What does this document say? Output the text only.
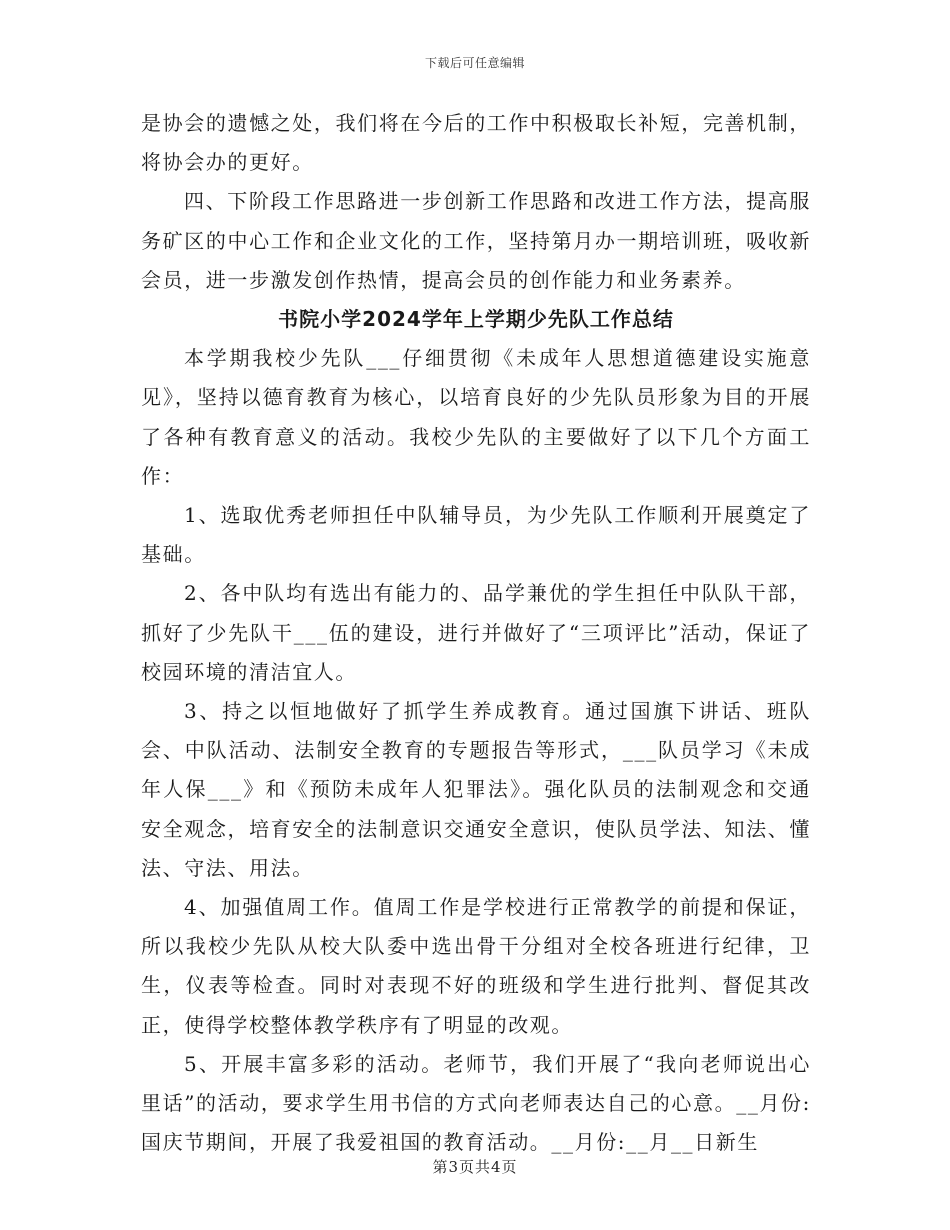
下载后可任意编辑

是协会的遗憾之处，我们将在今后的工作中积极取长补短，完善机制，将协会办的更好。

四、下阶段工作思路进一步创新工作思路和改进工作方法，提高服务矿区的中心工作和企业文化的工作，坚持第月办一期培训班，吸收新会员，进一步激发创作热情，提高会员的创作能力和业务素养。

书院小学2024学年上学期少先队工作总结

本学期我校少先队___仔细贯彻《未成年人思想道德建设实施意见》，坚持以德育教育为核心，以培育良好的少先队员形象为目的开展了各种有教育意义的活动。我校少先队的主要做好了以下几个方面工作：

1、选取优秀老师担任中队辅导员，为少先队工作顺利开展奠定了基础。

2、各中队均有选出有能力的、品学兼优的学生担任中队队干部，抓好了少先队干___伍的建设，进行并做好了“三项评比”活动，保证了校园环境的清洁宜人。

3、持之以恒地做好了抓学生养成教育。通过国旗下讲话、班队会、中队活动、法制安全教育的专题报告等形式，___队员学习《未成年人保___》和《预防未成年人犯罪法》。强化队员的法制观念和交通安全观念，培育安全的法制意识交通安全意识，使队员学法、知法、懂法、守法、用法。

4、加强值周工作。值周工作是学校进行正常教学的前提和保证，所以我校少先队从校大队委中选出骨干分组对全校各班进行纪律，卫生，仪表等检查。同时对表现不好的班级和学生进行批判、督促其改正，使得学校整体教学秩序有了明显的改观。

5、开展丰富多彩的活动。老师节，我们开展了“我向老师说出心里话”的活动，要求学生用书信的方式向老师表达自己的心意。__月份:国庆节期间，开展了我爱祖国的教育活动。__月份:__月__日新生

第3页共4页
